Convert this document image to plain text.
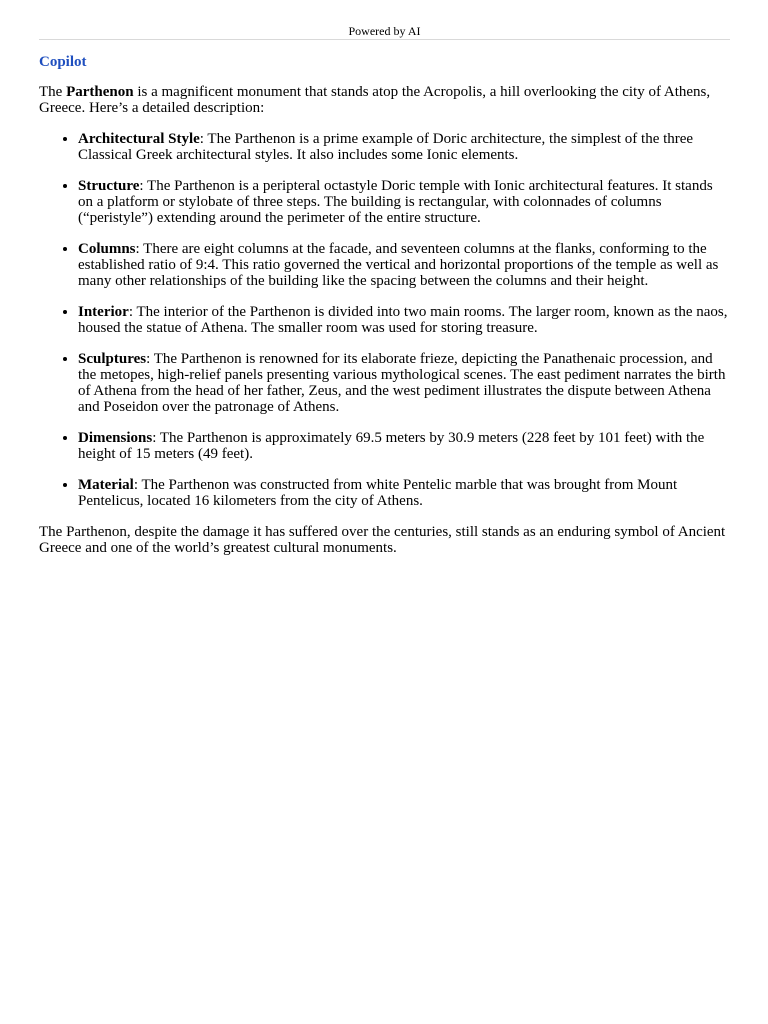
Powered by AI
Copilot

The Parthenon is a magnificent monument that stands atop the Acropolis, a hill overlooking the city of Athens, Greece. Here’s a detailed description:

• Architectural Style: The Parthenon is a prime example of Doric architecture, the simplest of the three Classical Greek architectural styles. It also includes some Ionic elements.
• Structure: The Parthenon is a peripteral octastyle Doric temple with Ionic architectural features. It stands on a platform or stylobate of three steps. The building is rectangular, with colonnades of columns (“peristyle”) extending around the perimeter of the entire structure.
• Columns: There are eight columns at the facade, and seventeen columns at the flanks, conforming to the established ratio of 9:4. This ratio governed the vertical and horizontal proportions of the temple as well as many other relationships of the building like the spacing between the columns and their height.
• Interior: The interior of the Parthenon is divided into two main rooms. The larger room, known as the naos, housed the statue of Athena. The smaller room was used for storing treasure.
• Sculptures: The Parthenon is renowned for its elaborate frieze, depicting the Panathenaic procession, and the metopes, high-relief panels presenting various mythological scenes. The east pediment narrates the birth of Athena from the head of her father, Zeus, and the west pediment illustrates the dispute between Athena and Poseidon over the patronage of Athens.
• Dimensions: The Parthenon is approximately 69.5 meters by 30.9 meters (228 feet by 101 feet) with the height of 15 meters (49 feet).
• Material: The Parthenon was constructed from white Pentelic marble that was brought from Mount Pentelicus, located 16 kilometers from the city of Athens.

The Parthenon, despite the damage it has suffered over the centuries, still stands as an enduring symbol of Ancient Greece and one of the world’s greatest cultural monuments.
